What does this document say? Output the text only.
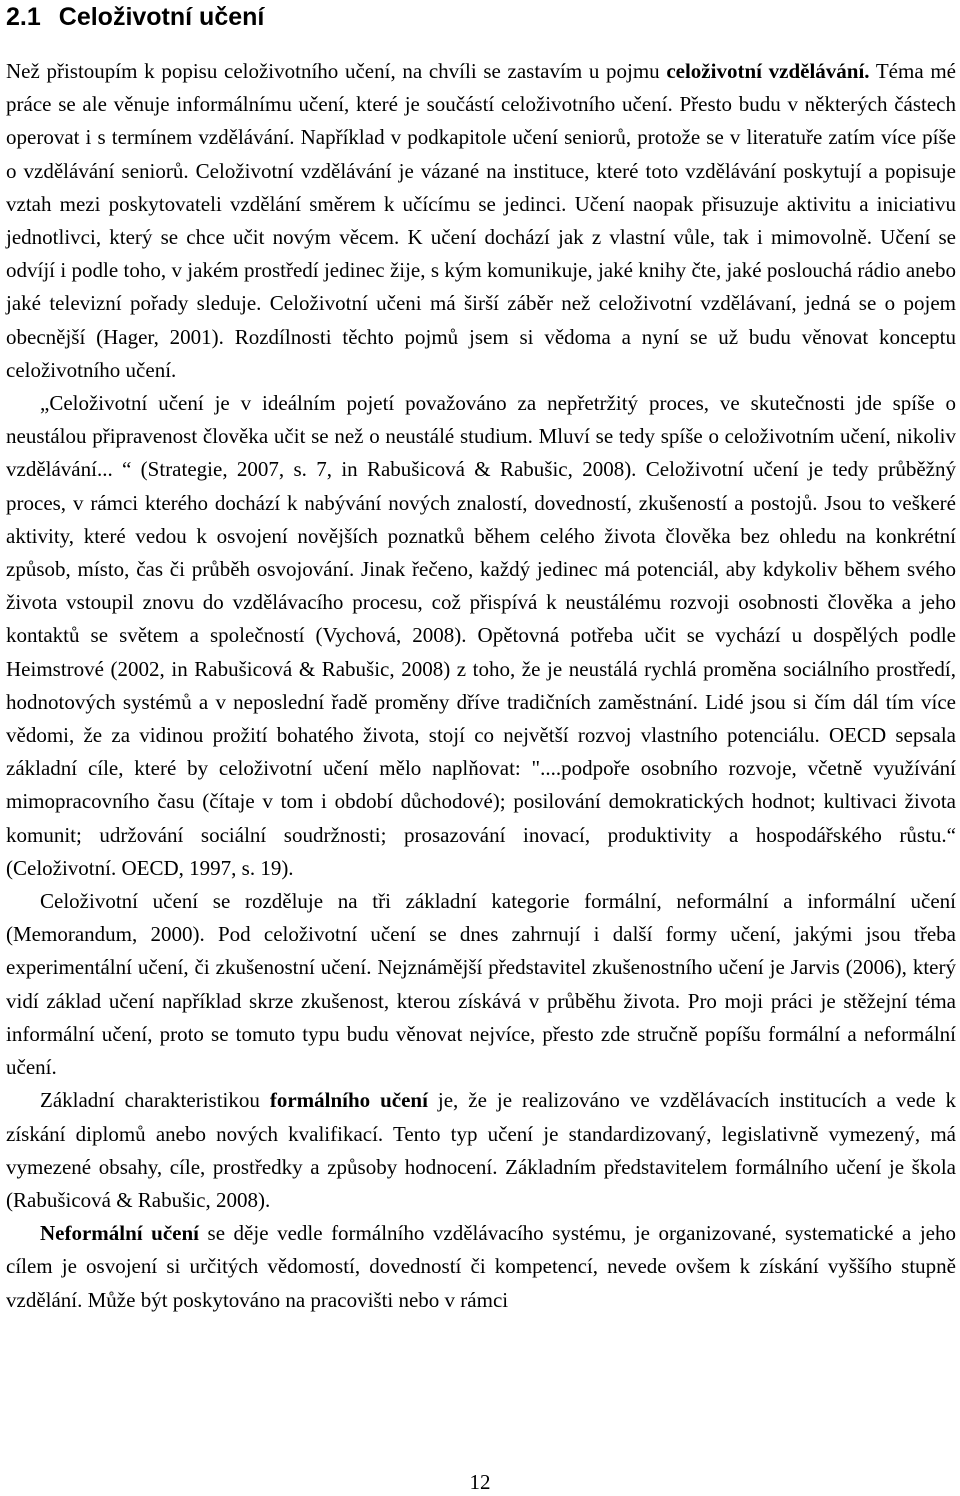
2.1 Celoživotní učení

Než přistoupím k popisu celoživotního učení, na chvíli se zastavím u pojmu celoživotní vzdělávání. Téma mé práce se ale věnuje informálnímu učení, které je součástí celoživotního učení. Přesto budu v některých částech operovat i s termínem vzdělávání. Například v podkapitole učení seniorů, protože se v literatuře zatím více píše o vzdělávání seniorů. Celoživotní vzdělávání je vázané na instituce, které toto vzdělávání poskytují a popisuje vztah mezi poskytovateli vzdělání směrem k učícímu se jedinci. Učení naopak přisuzuje aktivitu a iniciativu jednotlivci, který se chce učit novým věcem. K učení dochází jak z vlastní vůle, tak i mimovolně. Učení se odvíjí i podle toho, v jakém prostředí jedinec žije, s kým komunikuje, jaké knihy čte, jaké poslouchá rádio anebo jaké televizní pořady sleduje. Celoživotní učeni má širší záběr než celoživotní vzdělávaní, jedná se o pojem obecnější (Hager, 2001). Rozdílnosti těchto pojmů jsem si vědoma a nyní se už budu věnovat konceptu celoživotního učení.

„Celoživotní učení je v ideálním pojetí považováno za nepřetržitý proces, ve skutečnosti jde spíše o neustálou připravenost člověka učit se než o neustálé studium. Mluví se tedy spíše o celoživotním učení, nikoliv vzdělávání... “ (Strategie, 2007, s. 7, in Rabušicová & Rabušic, 2008). Celoživotní učení je tedy průběžný proces, v rámci kterého dochází k nabývání nových znalostí, dovedností, zkušeností a postojů. Jsou to veškeré aktivity, které vedou k osvojení novějších poznatků během celého života člověka bez ohledu na konkrétní způsob, místo, čas či průběh osvojování. Jinak řečeno, každý jedinec má potenciál, aby kdykoliv během svého života vstoupil znovu do vzdělávacího procesu, což přispívá k neustálému rozvoji osobnosti člověka a jeho kontaktů se světem a společností (Vychová, 2008). Opětovná potřeba učit se vychází u dospělých podle Heimstrové (2002, in Rabušicová & Rabušic, 2008) z toho, že je neustálá rychlá proměna sociálního prostředí, hodnotových systémů a v neposlední řadě proměny dříve tradičních zaměstnání. Lidé jsou si čím dál tím více vědomi, že za vidinou prožití bohatého života, stojí co největší rozvoj vlastního potenciálu. OECD sepsala základní cíle, které by celoživotní učení mělo naplňovat: "....podpoře osobního rozvoje, včetně využívání mimopracovního času (čítaje v tom i období důchodové); posilování demokratických hodnot; kultivaci života komunit; udržování sociální soudržnosti; prosazování inovací, produktivity a hospodářského růstu.“ (Celoživotní. OECD, 1997, s. 19).

Celoživotní učení se rozděluje na tři základní kategorie formální, neformální a informální učení (Memorandum, 2000). Pod celoživotní učení se dnes zahrnují i další formy učení, jakými jsou třeba experimentální učení, či zkušenostní učení. Nejznámější představitel zkušenostního učení je Jarvis (2006), který vidí základ učení například skrze zkušenost, kterou získává v průběhu života. Pro moji práci je stěžejní téma informální učení, proto se tomuto typu budu věnovat nejvíce, přesto zde stručně popíšu formální a neformální učení.

Základní charakteristikou formálního učení je, že je realizováno ve vzdělávacích institucích a vede k získání diplomů anebo nových kvalifikací. Tento typ učení je standardizovaný, legislativně vymezený, má vymezené obsahy, cíle, prostředky a způsoby hodnocení. Základním představitelem formálního učení je škola (Rabušicová & Rabušic, 2008).

Neformální učení se děje vedle formálního vzdělávacího systému, je organizované, systematické a jeho cílem je osvojení si určitých vědomostí, dovedností či kompetencí, nevede ovšem k získání vyššího stupně vzdělání. Může být poskytováno na pracovišti nebo v rámci

12
